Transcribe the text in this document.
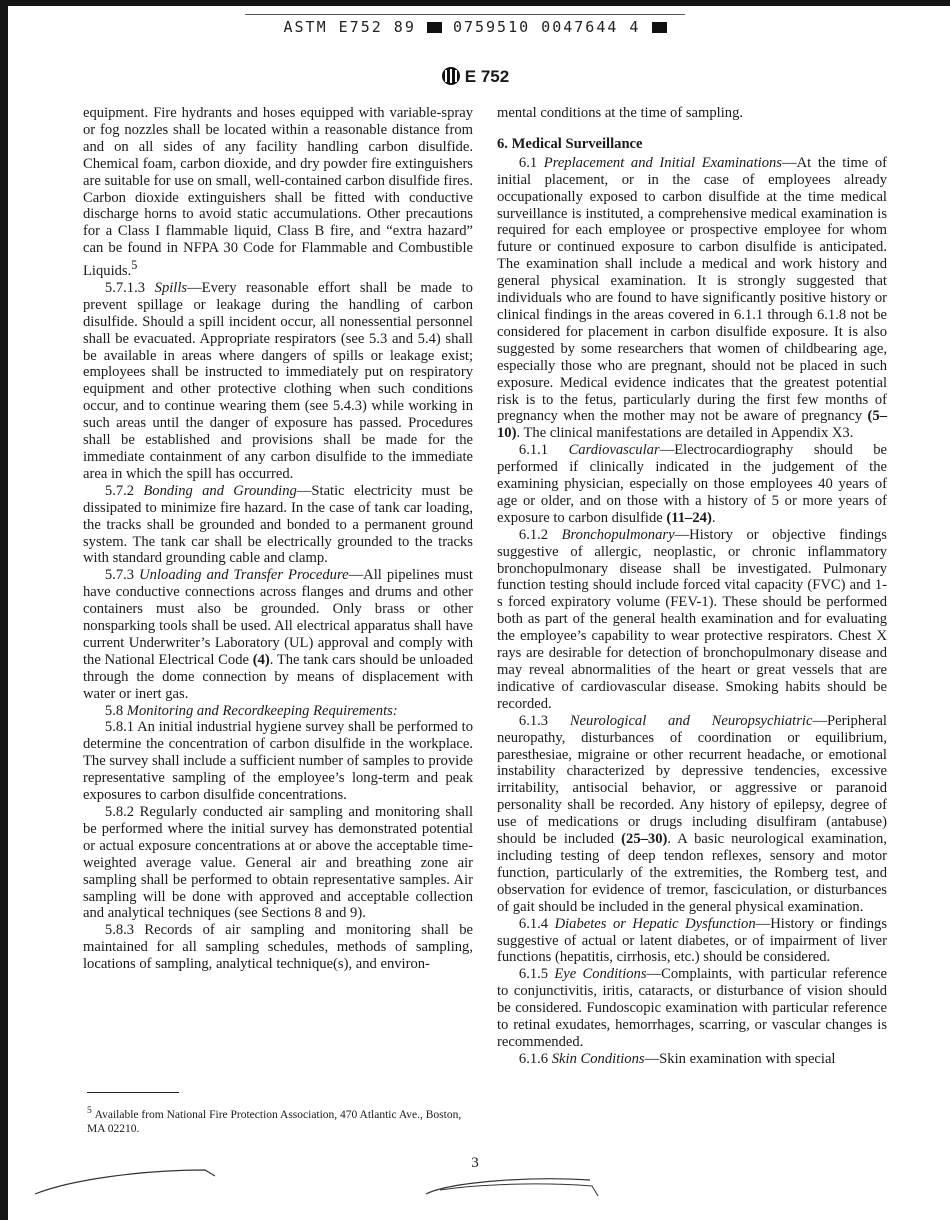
ASTM E752 89 0759510 0047644 4
E 752

equipment. Fire hydrants and hoses equipped with variable-spray or fog nozzles shall be located within a reasonable distance from and on all sides of any facility handling carbon disulfide. Chemical foam, carbon dioxide, and dry powder fire extinguishers are suitable for use on small, well-contained carbon disulfide fires. Carbon dioxide extinguishers shall be fitted with conductive discharge horns to avoid static accumulations. Other precautions for a Class I flammable liquid, Class B fire, and “extra hazard” can be found in NFPA 30 Code for Flammable and Combustible Liquids.$^5$

5.7.1.3 Spills—Every reasonable effort shall be made to prevent spillage or leakage during the handling of carbon disulfide. Should a spill incident occur, all nonessential personnel shall be evacuated. Appropriate respirators (see 5.3 and 5.4) shall be available in areas where dangers of spills or leakage exist; employees shall be instructed to immediately put on respiratory equipment and other protective clothing when such conditions occur, and to continue wearing them (see 5.4.3) while working in such areas until the danger of exposure has passed. Procedures shall be established and provisions shall be made for the immediate containment of any carbon disulfide to the immediate area in which the spill has occurred.

5.7.2 Bonding and Grounding—Static electricity must be dissipated to minimize fire hazard. In the case of tank car loading, the tracks shall be grounded and bonded to a permanent ground system. The tank car shall be electrically grounded to the tracks with standard grounding cable and clamp.

5.7.3 Unloading and Transfer Procedure—All pipelines must have conductive connections across flanges and drums and other containers must also be grounded. Only brass or other nonsparking tools shall be used. All electrical apparatus shall have current Underwriter’s Laboratory (UL) approval and comply with the National Electrical Code (4). The tank cars should be unloaded through the dome connection by means of displacement with water or inert gas.

5.8 Monitoring and Recordkeeping Requirements:

5.8.1 An initial industrial hygiene survey shall be performed to determine the concentration of carbon disulfide in the workplace. The survey shall include a sufficient number of samples to provide representative sampling of the employee’s long-term and peak exposures to carbon disulfide concentrations.

5.8.2 Regularly conducted air sampling and monitoring shall be performed where the initial survey has demonstrated potential or actual exposure concentrations at or above the acceptable time-weighted average value. General air and breathing zone air sampling shall be performed to obtain representative samples. Air sampling will be done with approved and acceptable collection and analytical techniques (see Sections 8 and 9).

5.8.3 Records of air sampling and monitoring shall be maintained for all sampling schedules, methods of sampling, locations of sampling, analytical technique(s), and environ-

mental conditions at the time of sampling.

6. Medical Surveillance

6.1 Preplacement and Initial Examinations—At the time of initial placement, or in the case of employees already occupationally exposed to carbon disulfide at the time medical surveillance is instituted, a comprehensive medical examination is required for each employee or prospective employee for whom future or continued exposure to carbon disulfide is anticipated. The examination shall include a medical and work history and general physical examination. It is strongly suggested that individuals who are found to have significantly positive history or clinical findings in the areas covered in 6.1.1 through 6.1.8 not be considered for placement in carbon disulfide exposure. It is also suggested by some researchers that women of childbearing age, especially those who are pregnant, should not be placed in such exposure. Medical evidence indicates that the greatest potential risk is to the fetus, particularly during the first few months of pregnancy when the mother may not be aware of pregnancy (5–10). The clinical manifestations are detailed in Appendix X3.

6.1.1 Cardiovascular—Electrocardiography should be performed if clinically indicated in the judgement of the examining physician, especially on those employees 40 years of age or older, and on those with a history of 5 or more years of exposure to carbon disulfide (11–24).

6.1.2 Bronchopulmonary—History or objective findings suggestive of allergic, neoplastic, or chronic inflammatory bronchopulmonary disease shall be investigated. Pulmonary function testing should include forced vital capacity (FVC) and 1-s forced expiratory volume (FEV-1). These should be performed both as part of the general health examination and for evaluating the employee’s capability to wear protective respirators. Chest X rays are desirable for detection of bronchopulmonary disease and may reveal abnormalities of the heart or great vessels that are indicative of cardiovascular disease. Smoking habits should be recorded.

6.1.3 Neurological and Neuropsychiatric—Peripheral neuropathy, disturbances of coordination or equilibrium, paresthesiae, migraine or other recurrent headache, or emotional instability characterized by depressive tendencies, excessive irritability, antisocial behavior, or aggressive or paranoid personality shall be recorded. Any history of epilepsy, degree of use of medications or drugs including disulfiram (antabuse) should be included (25–30). A basic neurological examination, including testing of deep tendon reflexes, sensory and motor function, particularly of the extremities, the Romberg test, and observation for evidence of tremor, fasciculation, or disturbances of gait should be included in the general physical examination.

6.1.4 Diabetes or Hepatic Dysfunction—History or findings suggestive of actual or latent diabetes, or of impairment of liver functions (hepatitis, cirrhosis, etc.) should be considered.

6.1.5 Eye Conditions—Complaints, with particular reference to conjunctivitis, iritis, cataracts, or disturbance of vision should be considered. Fundoscopic examination with particular reference to retinal exudates, hemorrhages, scarring, or vascular changes is recommended.

6.1.6 Skin Conditions—Skin examination with special

$^5$ Available from National Fire Protection Association, 470 Atlantic Ave., Boston, MA 02210.
3
